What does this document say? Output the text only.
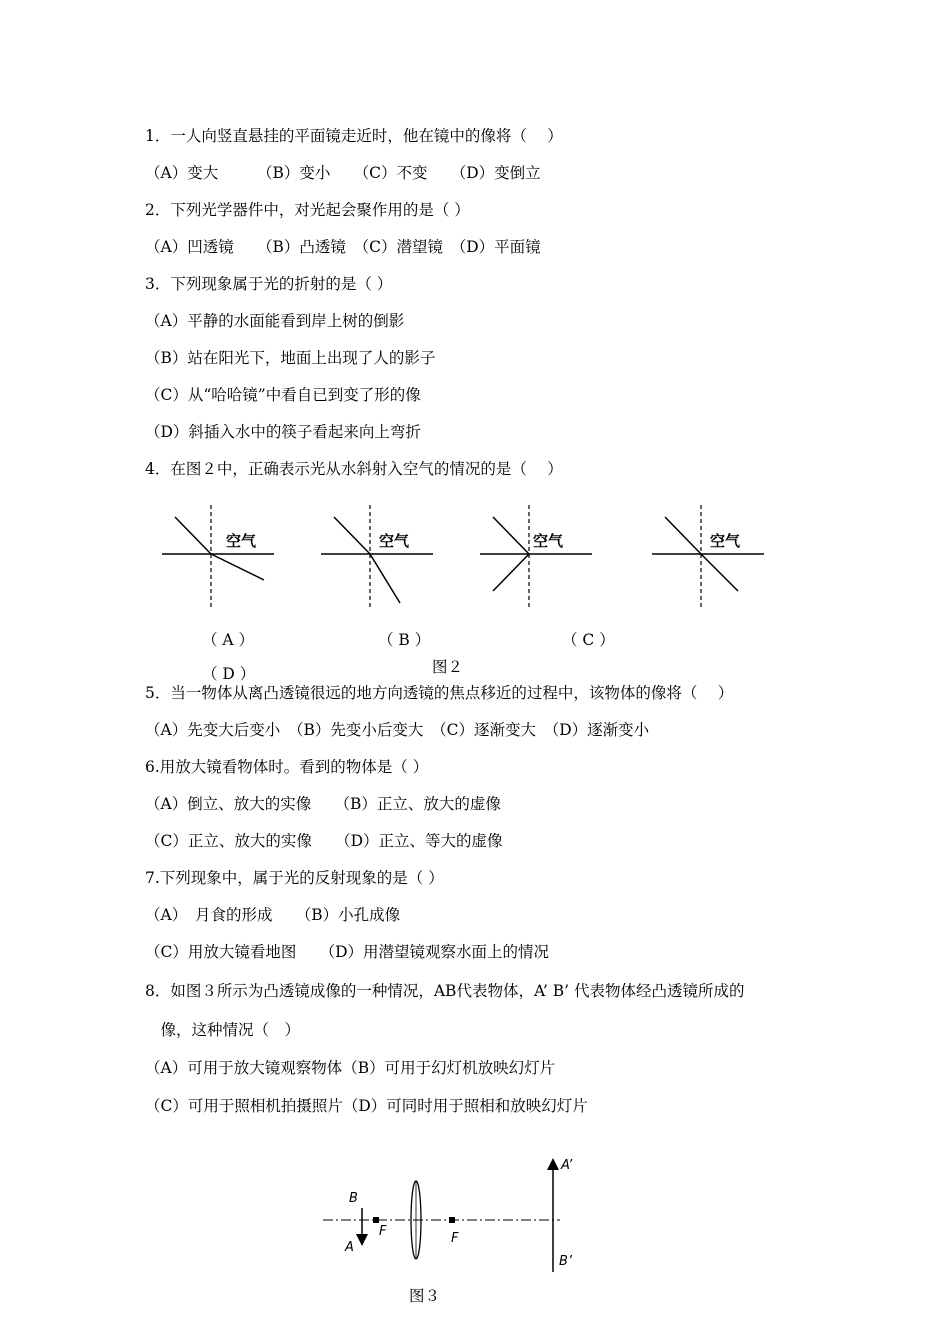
1．一人向竖直悬挂的平面镜走近时，他在镜中的像将（　 ）
（A）变大　　　（B）变小　　（C）不变　　（D）变倒立
2．下列光学器件中，对光起会聚作用的是（ ）
（A）凹透镜　　（B）凸透镜　（C）潜望镜　（D）平面镜
3．下列现象属于光的折射的是（ ）
（A）平静的水面能看到岸上树的倒影
（B）站在阳光下，地面上出现了人的影子
（C）从“哈哈镜”中看自已到变了形的像
（D）斜插入水中的筷子看起来向上弯折
4．在图２中，正确表示光从水斜射入空气的情况的是（　 ）
空气	空气	空气	空气
（ A ）	（ B ）	（ C ）
（ D ）	图２
5．当一物体从离凸透镜很远的地方向透镜的焦点移近的过程中，该物体的像将（　 ）
（A）先变大后变小　（B）先变小后变大　（C）逐渐变大　（D）逐渐变小
6.用放大镜看物体时。看到的物体是（ ）
（A）倒立、放大的实像　　（B）正立、放大的虚像
（C）正立、放大的实像　　（D）正立、等大的虚像
7.下列现象中，属于光的反射现象的是（ ）
（A）　月食的形成　　（B）小孔成像
（C）用放大镜看地图　　（D）用潜望镜观察水面上的情况
8．如图３所示为凸透镜成像的一种情况，AB代表物体，A’ B’ 代表物体经凸透镜所成的
　像，这种情况（　）
（A）可用于放大镜观察物体（B）可用于幻灯机放映幻灯片
（C）可用于照相机拍摄照片（D）可同时用于照相和放映幻灯片
B
A
F	F
A’
B’
图３
